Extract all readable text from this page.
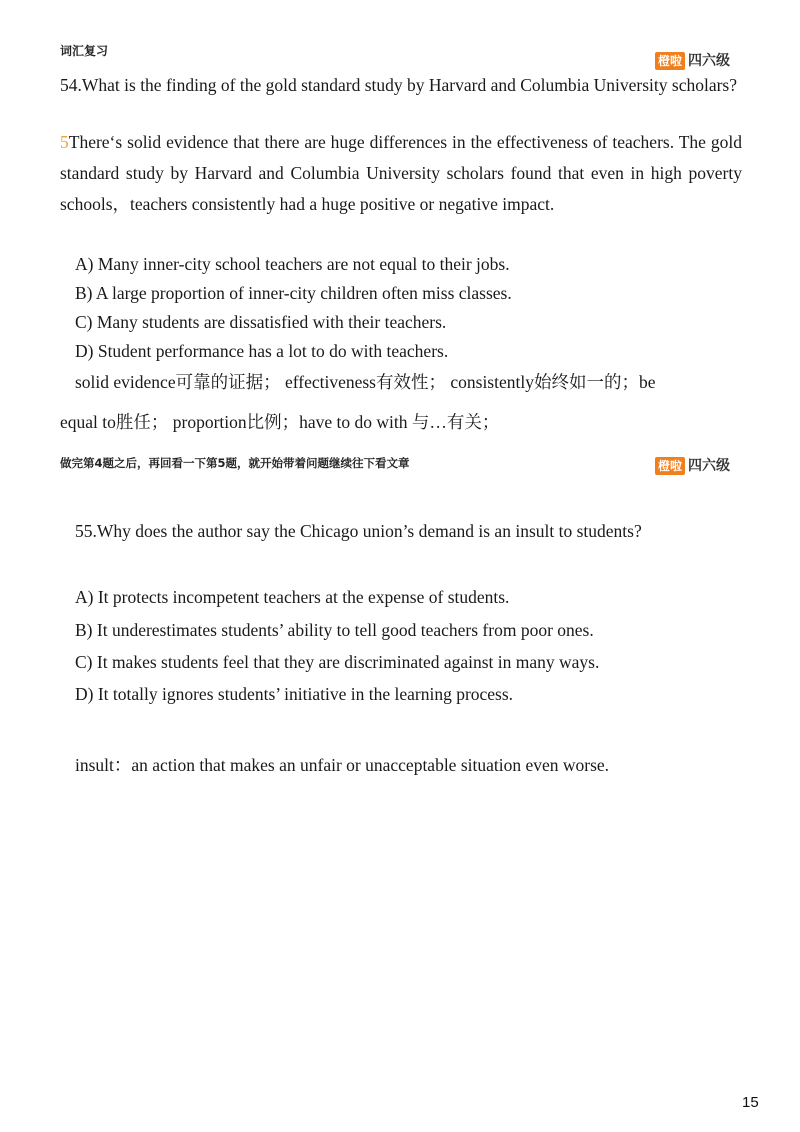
词汇复习
橙啦 四六级
54.What is the finding of the gold standard study by Harvard and Columbia University scholars?
5There‘s solid evidence that there are huge differences in the effectiveness of teachers. The gold standard study by Harvard and Columbia University scholars found that even in high poverty schools，teachers consistently had a huge positive or negative impact.
A) Many inner-city school teachers are not equal to their jobs.
B) A large proportion of inner-city children often miss classes.
C) Many students are dissatisfied with their teachers.
D) Student performance has a lot to do with teachers.
solid evidence可靠的证据； effectiveness有效性； consistently始终如一的；be
equal to胜任； proportion比例；have to do with 与…有关；
做完第4题之后，再回看一下第5题，就开始带着问题继续往下看文章	橙啦 四六级
55.Why does the author say the Chicago union’s demand is an insult to students?
A) It protects incompetent teachers at the expense of students.
B) It underestimates students’ ability to tell good teachers from poor ones.
C) It makes students feel that they are discriminated against in many ways.
D) It totally ignores students’ initiative in the learning process.
insult：an action that makes an unfair or unacceptable situation even worse.
15
